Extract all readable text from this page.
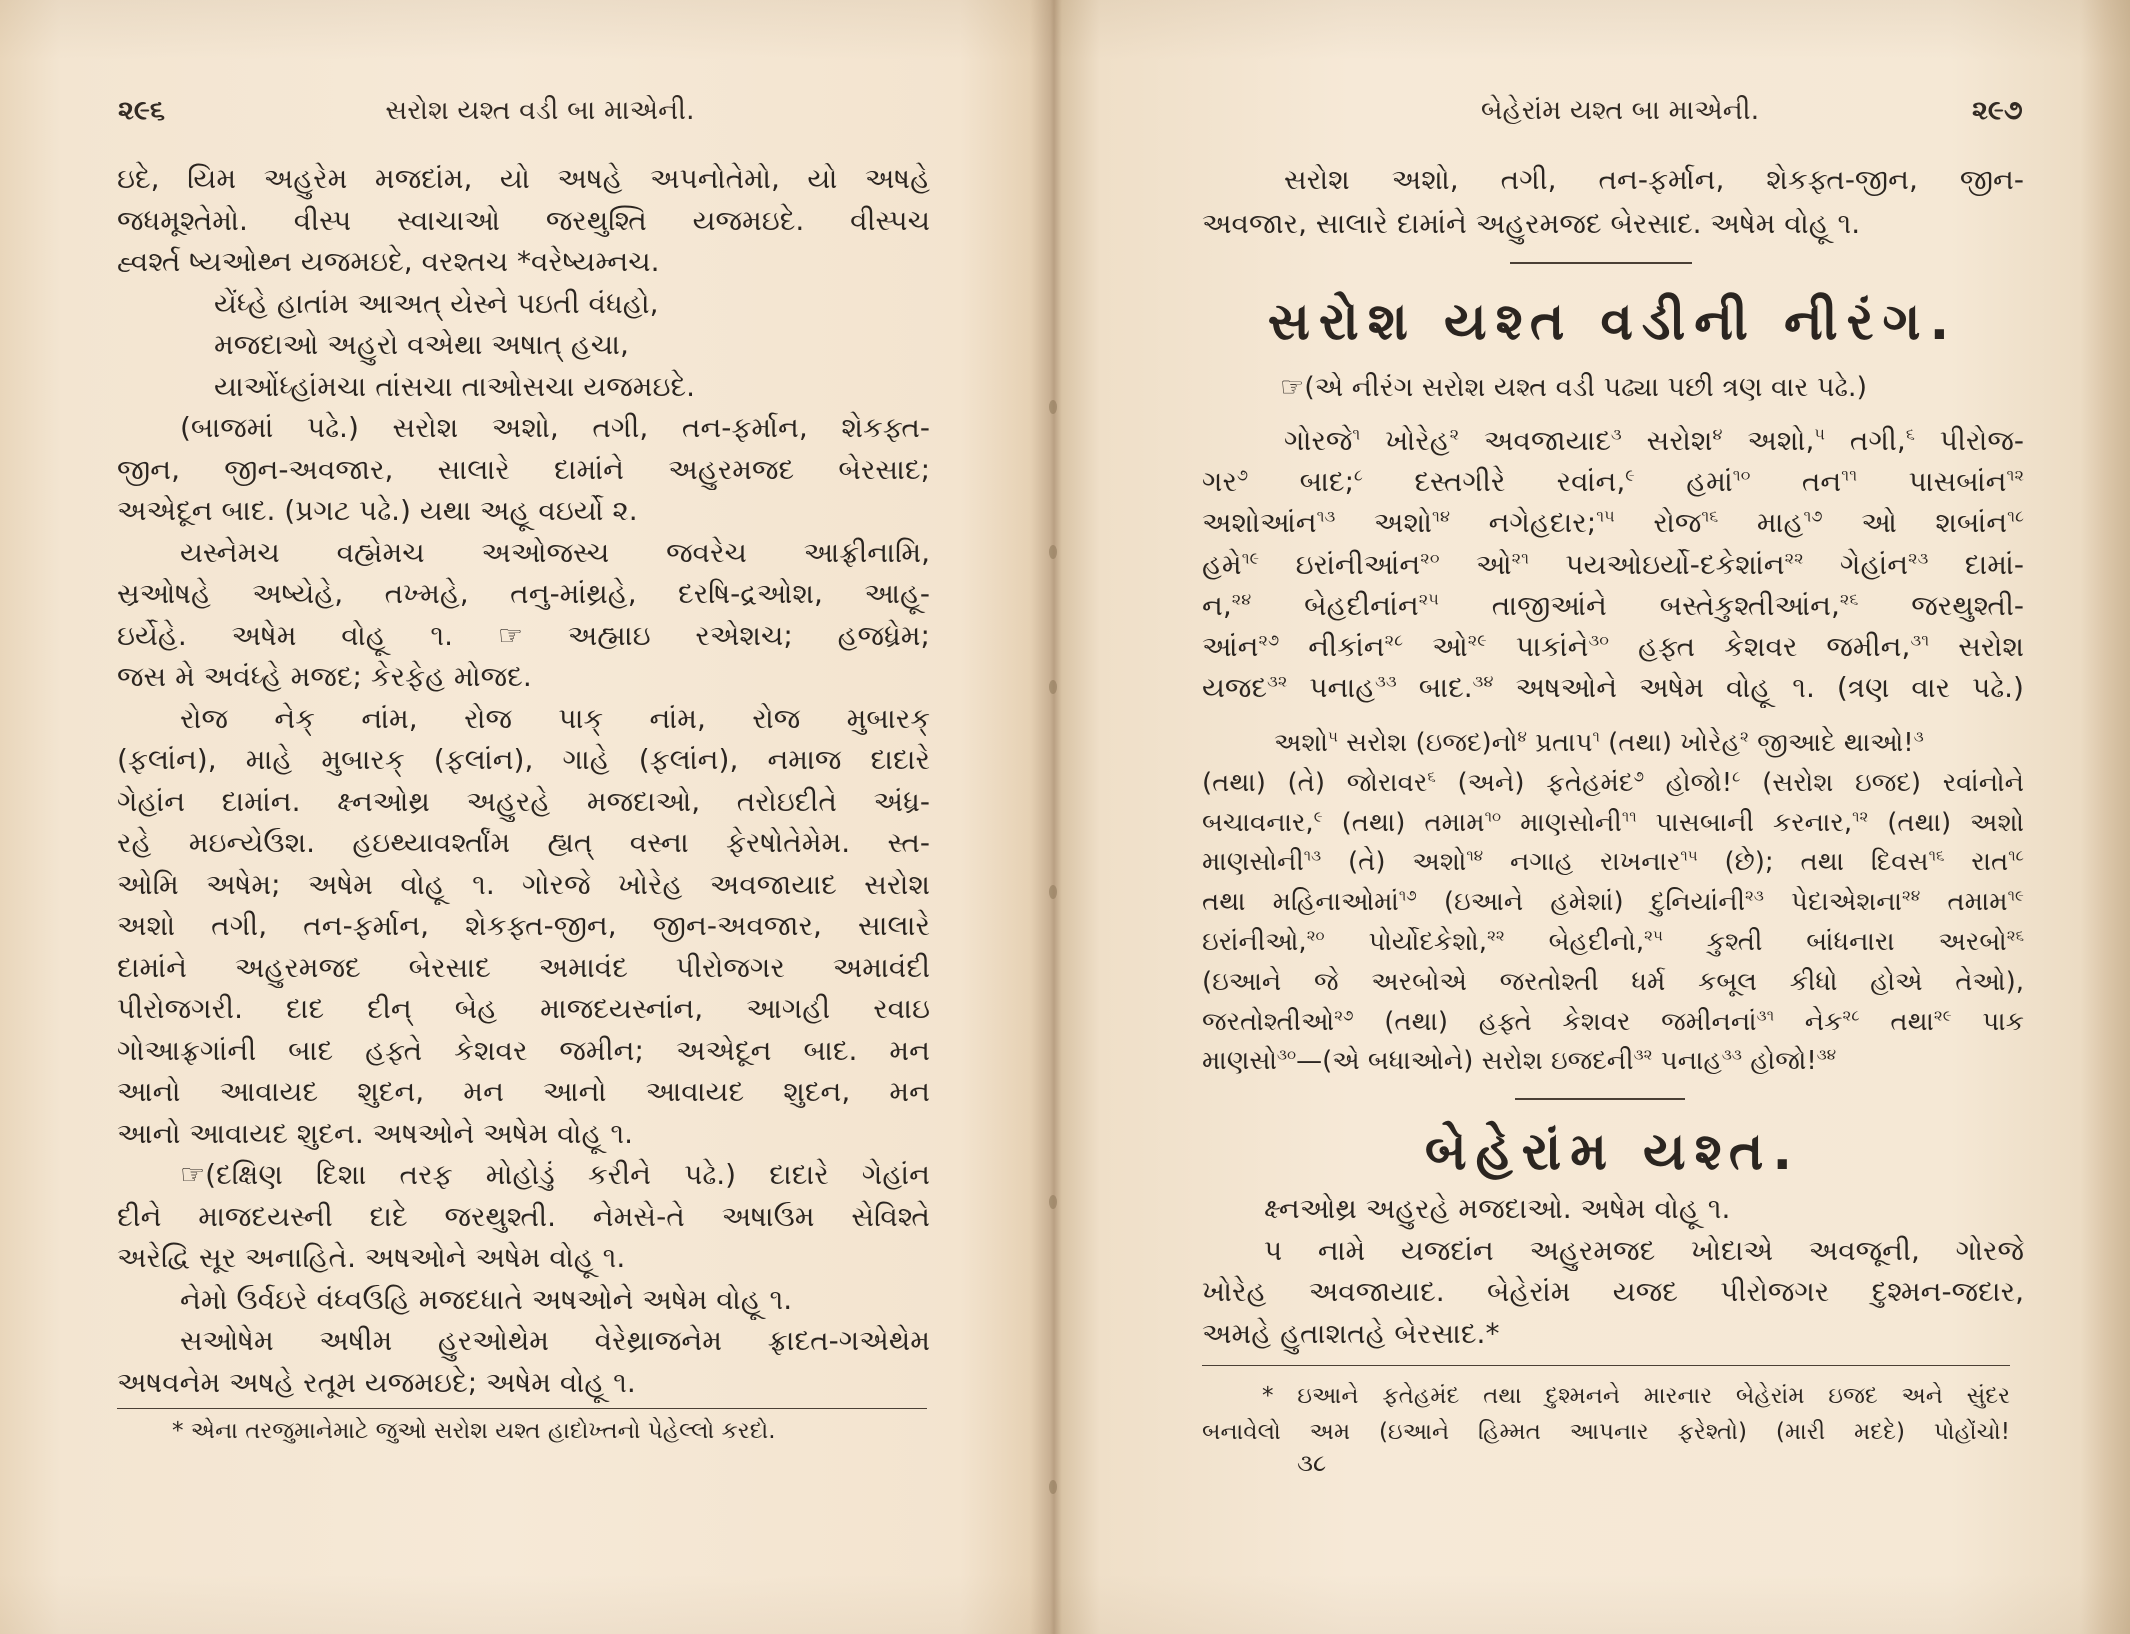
૨૯૬	સરોશ યશ્ત વડી બા માએની.
ઇદે, યિમ અહુરેમ મજદાંમ, યો અષહે અપનોતેમો, યો અષહે
જધમૂશ્તેમો. વીસ્પ સ્વાચાઓ જરથુશ્તિ યજમઇદે. વીસ્પચ
હ્વર્શ્ત ષ્યઓથ્ન યજમઇદે, વરશ્તચ *વરેષ્યમ્નચ.
યેંધ્હે હાતાંમ આઅત્ યેસ્ને પઇતી વંધહો,
મજદાઓ અહુરો વએથા અષાત્ હચા,
યાઓંધ્હાંમચા તાંસચા તાઓસચા યજમઇદે.
(બાજમાં પઢે.) સરોશ અશો, તગી, તન-ફર્માન, શેકફ્ત-
જીન, જીન-અવજાર, સાલારે દામાંને અહુરમજદ બેરસાદ;
અએદૂન બાદ. (પ્રગટ પઢે.) યથા અહૂ વઇર્યો ૨.
યસ્નેમચ વહ્મેમચ અઓજસ્ચ જવરેચ આફ્રીનામિ,
સ્રઓષહે અષ્યેહે, તખ્મહે, તનુ-માંથ્રહે, દરષિ-દ્રઓશ, આહૂ-
ઇર્યેહે. અષેમ વોહૂ ૧. ☞ અહ્માઇ રએશચ; હજધ્રેમ;
જસ મે અવંધ્હે મજદ; કેરફેહ મોજદ.
રોજ નેક્ નાંમ, રોજ પાક્ નાંમ, રોજ મુબારક્
(ફલાંન), માહે મુબારક્ (ફલાંન), ગાહે (ફલાંન), નમાજ દાદારે
ગેહાંન દામાંન. ક્ષ્નઓથ્ર અહુરહે મજદાઓ, તરોઇદીતે અંધ્ર-
રહે મઇન્યેઉશ. હઇથ્યાવર્શ્તાંમ હ્યત્ વસ્ના ફેરષોતેમેમ. સ્ત-
ઓમિ અષેમ; અષેમ વોહૂ ૧. ગોરજે ખોરેહ અવજાયાદ સરોશ
અશો તગી, તન-ફર્માન, શેકફ્ત-જીન, જીન-અવજાર, સાલારે
દામાંને અહુરમજદ બેરસાદ અમાવંદ પીરોજગર અમાવંદી
પીરોજગરી. દાદ દીન્ બેહ માજદયસ્નાંન, આગહી રવાઇ
ગોઆફ્રગાંની બાદ હફ્તે કેશવર જમીન; અએદૂન બાદ. મન
આનો આવાયદ શુદન, મન આનો આવાયદ શુદન, મન
આનો આવાયદ શુદન. અષઓને અષેમ વોહૂ ૧.
☞(દક્ષિણ દિશા તરફ મોહોડું કરીને પઢે.) દાદારે ગેહાંન
દીને માજદયસ્ની દાદે જરથુશ્તી. નેમસે-તે અષાઉમ સેવિશ્તે
અરેદ્વિ સૂર અનાહિતે. અષઓને અષેમ વોહૂ ૧.
નેમો ઉર્વઇરે વંધ્વઉહિ મજદધાતે અષઓને અષેમ વોહૂ ૧.
સઓષેમ અષીમ હુરઓથેમ વેરેથ્રાજનેમ ફ્રાદત-ગએથેમ
અષવનેમ અષહે રતૂમ યજમઇદે; અષેમ વોહૂ ૧.
* એના તરજુમાનેમાટે જુઓ સરોશ યશ્ત હાદોખ્તનો પેહેલ્લો કરદો.
બેહેરાંમ યશ્ત બા માએની.	૨૯૭
સરોશ અશો, તગી, તન-ફર્માન, શેકફ્ત-જીન, જીન-
અવજાર, સાલારે દામાંને અહુરમજદ બેરસાદ. અષેમ વોહૂ ૧.
સરોશ યશ્ત વડીની નીરંગ.
☞(એ નીરંગ સરોશ યશ્ત વડી પઢ્યા પછી ત્રણ વાર પઢે.)
ગોરજે$^૧$ ખોરેહ$^૨$ અવજાયાદ$^૩$ સરોશ$^૪$ અશો,$^૫$ તગી,$^૬$ પીરોજ-
ગર$^૭$ બાદ;$^૮$ દસ્તગીરે રવાંન,$^૯$ હમાં$^{૧૦}$ તન$^{૧૧}$ પાસબાંન$^{૧૨}$
અશોઆંન$^{૧૩}$ અશો$^{૧૪}$ નગેહદાર;$^{૧૫}$ રોજ$^{૧૬}$ માહ$^{૧૭}$ ઓ શબાંન$^{૧૮}$
હમે$^{૧૯}$ ઇરાંનીઆંન$^{૨૦}$ ઓ$^{૨૧}$ પયઓઇર્યો-દકેશાંન$^{૨૨}$ ગેહાંન$^{૨૩}$ દામાં-
ન,$^{૨૪}$ બેહદીનાંન$^{૨૫}$ તાજીઆંને બસ્તેકુશ્તીઆંન,$^{૨૬}$ જરથુશ્તી-
આંન$^{૨૭}$ નીકાંન$^{૨૮}$ ઓ$^{૨૯}$ પાકાંને$^{૩૦}$ હફ્ત કેશવર જમીન,$^{૩૧}$ સરોશ
યજદ$^{૩૨}$ પનાહ$^{૩૩}$ બાદ.$^{૩૪}$ અષઓને અષેમ વોહૂ ૧. (ત્રણ વાર પઢે.)
અશો$^૫$ સરોશ (ઇજદ)નો$^૪$ પ્રતાપ$^૧$ (તથા) ખોરેહ$^૨$ જીઆદે થાઓ!$^૩$
(તથા) (તે) જોરાવર$^૬$ (અને) ફતેહમંદ$^૭$ હોજો!$^૮$ (સરોશ ઇજદ) રવાંનોને
બચાવનાર,$^૯$ (તથા) તમામ$^{૧૦}$ માણસોની$^{૧૧}$ પાસબાની કરનાર,$^{૧૨}$ (તથા) અશો
માણસોની$^{૧૩}$ (તે) અશો$^{૧૪}$ નગાહ રાખનાર$^{૧૫}$ (છે); તથા દિવસ$^{૧૬}$ રાત$^{૧૮}$
તથા મહિનાઓમાં$^{૧૭}$ (ઇઆને હમેશાં) દુનિયાંની$^{૨૩}$ પેદાએશના$^{૨૪}$ તમામ$^{૧૯}$
ઇરાંનીઓ,$^{૨૦}$ પોર્યોદકેશો,$^{૨૨}$ બેહદીનો,$^{૨૫}$ કુશ્તી બાંધનારા અરબો$^{૨૬}$
(ઇઆને જે અરબોએ જરતોશ્તી ધર્મ કબૂલ કીધો હોએ તેઓ),
જરતોશ્તીઓ$^{૨૭}$ (તથા) હફ્તે કેશવર જમીનનાં$^{૩૧}$ નેક$^{૨૮}$ તથા$^{૨૯}$ પાક
માણસો$^{૩૦}$—(એ બધાઓને) સરોશ ઇજદની$^{૩૨}$ પનાહ$^{૩૩}$ હોજો!$^{૩૪}$
બેહેરાંમ યશ્ત.
ક્ષ્નઓથ્ર અહુરહે મજદાઓ. અષેમ વોહૂ ૧.
પ નામે યજદાંન અહુરમજદ ખોદાએ અવજૂની, ગોરજે
ખોરેહ અવજાયાદ. બેહેરાંમ યજદ પીરોજગર દુશ્મન-જદાર,
અમહે હુતાશતહે બેરસાદ.*
* ઇઆને ફતેહમંદ તથા દુશ્મનને મારનાર બેહેરાંમ ઇજદ અને સુંદર
બનાવેલો અમ (ઇઆને હિમ્મત આપનાર ફરેશ્તો) (મારી મદદે) પોહોંચો!
૩૮
